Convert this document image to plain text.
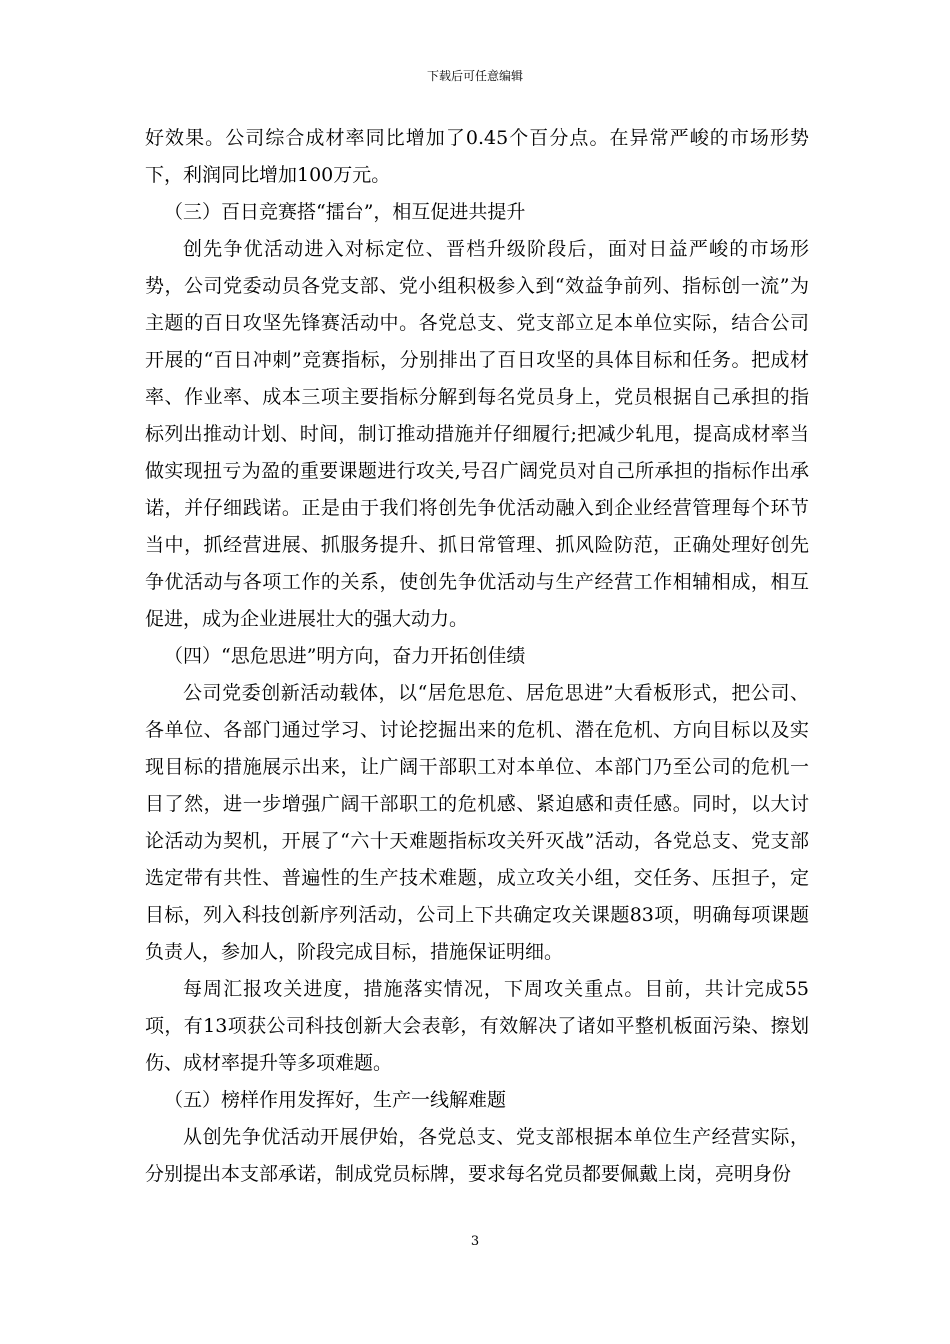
下载后可任意编辑

好效果。公司综合成材率同比增加了0.45个百分点。在异常严峻的市场形势下，利润同比增加100万元。

（三）百日竞赛搭“擂台”，相互促进共提升

创先争优活动进入对标定位、晋档升级阶段后，面对日益严峻的市场形势，公司党委动员各党支部、党小组积极参入到“效益争前列、指标创一流”为主题的百日攻坚先锋赛活动中。各党总支、党支部立足本单位实际，结合公司开展的“百日冲刺”竞赛指标，分别排出了百日攻坚的具体目标和任务。把成材率、作业率、成本三项主要指标分解到每名党员身上，党员根据自己承担的指标列出推动计划、时间，制订推动措施并仔细履行;把减少轧甩，提高成材率当做实现扭亏为盈的重要课题进行攻关,号召广阔党员对自己所承担的指标作出承诺，并仔细践诺。正是由于我们将创先争优活动融入到企业经营管理每个环节当中，抓经营进展、抓服务提升、抓日常管理、抓风险防范，正确处理好创先争优活动与各项工作的关系，使创先争优活动与生产经营工作相辅相成，相互促进，成为企业进展壮大的强大动力。

（四）“思危思进”明方向，奋力开拓创佳绩

公司党委创新活动载体，以“居危思危、居危思进”大看板形式，把公司、各单位、各部门通过学习、讨论挖掘出来的危机、潜在危机、方向目标以及实现目标的措施展示出来，让广阔干部职工对本单位、本部门乃至公司的危机一目了然，进一步增强广阔干部职工的危机感、紧迫感和责任感。同时，以大讨论活动为契机，开展了“六十天难题指标攻关歼灭战”活动，各党总支、党支部选定带有共性、普遍性的生产技术难题，成立攻关小组，交任务、压担子，定目标，列入科技创新序列活动，公司上下共确定攻关课题83项，明确每项课题负责人，参加人，阶段完成目标，措施保证明细。

每周汇报攻关进度，措施落实情况，下周攻关重点。目前，共计完成55项，有13项获公司科技创新大会表彰，有效解决了诸如平整机板面污染、擦划伤、成材率提升等多项难题。

（五）榜样作用发挥好，生产一线解难题

从创先争优活动开展伊始，各党总支、党支部根据本单位生产经营实际，分别提出本支部承诺，制成党员标牌，要求每名党员都要佩戴上岗，亮明身份

3
